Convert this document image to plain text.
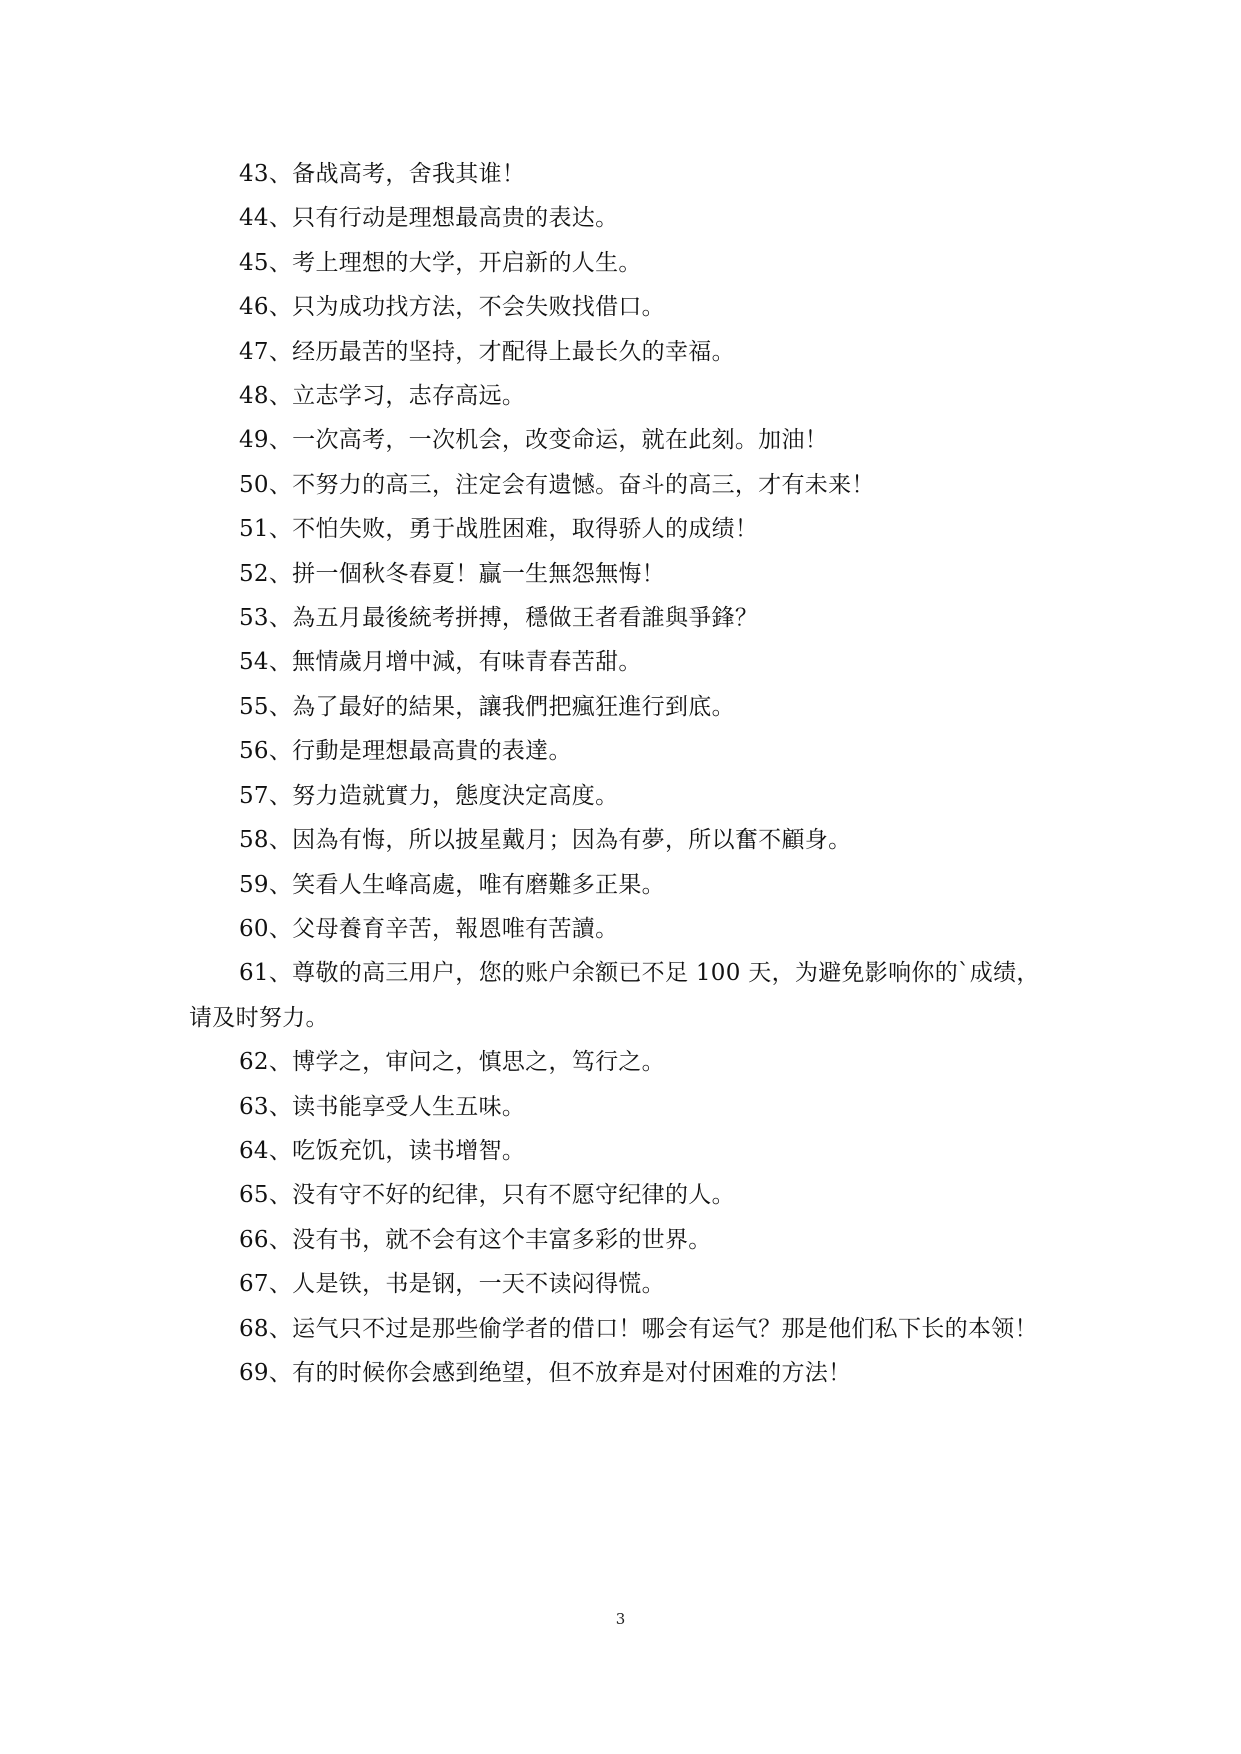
43、备战高考，舍我其谁！

44、只有行动是理想最高贵的表达。

45、考上理想的大学，开启新的人生。

46、只为成功找方法，不会失败找借口。

47、经历最苦的坚持，才配得上最长久的幸福。

48、立志学习，志存高远。

49、一次高考，一次机会，改变命运，就在此刻。加油！

50、不努力的高三，注定会有遗憾。奋斗的高三，才有未来！

51、不怕失败，勇于战胜困难，取得骄人的成绩！

52、拼一個秋冬春夏！贏一生無怨無悔！

53、為五月最後統考拼搏，穩做王者看誰與爭鋒？

54、無情歲月增中減，有味青春苦甜。

55、為了最好的結果，讓我們把瘋狂進行到底。

56、行動是理想最高貴的表達。

57、努力造就實力，態度決定高度。

58、因為有悔，所以披星戴月；因為有夢，所以奮不顧身。

59、笑看人生峰高處，唯有磨難多正果。

60、父母養育辛苦，報恩唯有苦讀。

61、尊敬的高三用户，您的账户余额已不足 100 天，为避免影响你的`成绩，请及时努力。

62、博学之，审问之，慎思之，笃行之。

63、读书能享受人生五味。

64、吃饭充饥，读书增智。

65、没有守不好的纪律，只有不愿守纪律的人。

66、没有书，就不会有这个丰富多彩的世界。

67、人是铁，书是钢，一天不读闷得慌。

68、运气只不过是那些偷学者的借口！哪会有运气？那是他们私下长的本领！

69、有的时候你会感到绝望，但不放弃是对付困难的方法！

3
